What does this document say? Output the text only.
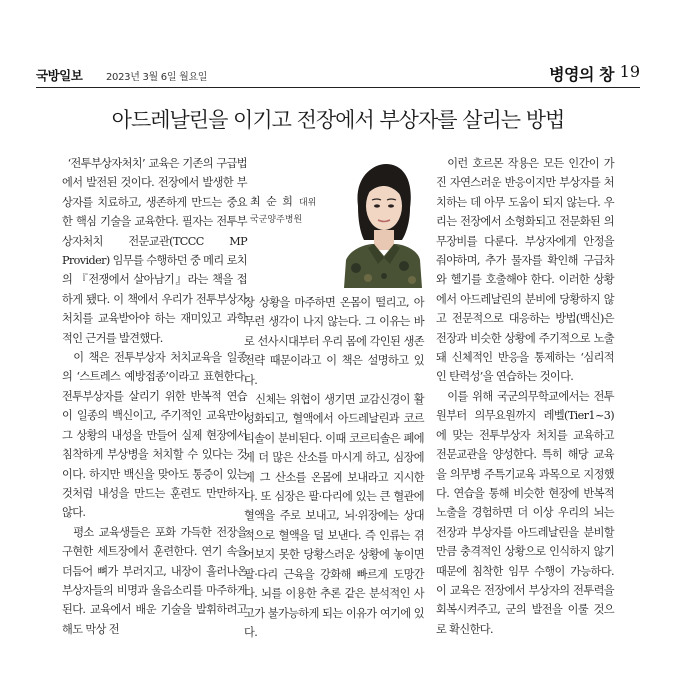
국방일보 2023년 3월 6일 월요일	병영의 창 19
아드레날린을 이기고 전장에서 부상자를 살리는 방법

‘전투부상자처치’ 교육은 기존의 구급법에서 발전된 것이다. 전장에서 발생한 부상자를 치료하고, 생존하게 만드는 중요한 핵심 기술을 교육한다. 필자는 전투부상자처치 전문교관(TCCC MP Provider) 임무를 수행하던 중 메리 로치의 『전쟁에서 살아남기』라는 책을 접하게 됐다. 이 책에서 우리가 전투부상자 처치를 교육받아야 하는 재미있고 과학적인 근거를 발견했다.

이 책은 전투부상자 처치교육을 일종의 ‘스트레스 예방접종’이라고 표현한다. 전투부상자를 살리기 위한 반복적 연습이 일종의 백신이고, 주기적인 교육만이 그 상황의 내성을 만들어 실제 현장에서 침착하게 부상병을 처치할 수 있다는 것이다. 하지만 백신을 맞아도 통증이 있는 것처럼 내성을 만드는 훈련도 만만하지 않다.

평소 교육생들은 포화 가득한 전장을 구현한 세트장에서 훈련한다. 연기 속을 더듬어 뼈가 부러지고, 내장이 흘러나온 부상자들의 비명과 울음소리를 마주하게 된다. 교육에서 배운 기술을 발휘하려고 해도 막상 전

최 순 희 대위
국군양주병원

장 상황을 마주하면 온몸이 떨리고, 아무런 생각이 나지 않는다. 그 이유는 바로 선사시대부터 우리 몸에 각인된 생존전략 때문이라고 이 책은 설명하고 있다.

신체는 위협이 생기면 교감신경이 활성화되고, 혈액에서 아드레날린과 코르티솔이 분비된다. 이때 코르티솔은 폐에게 더 많은 산소를 마시게 하고, 심장에게 그 산소를 온몸에 보내라고 지시한다. 또 심장은 팔·다리에 있는 큰 혈관에 혈액을 주로 보내고, 뇌·위장에는 상대적으로 혈액을 덜 보낸다. 즉 인류는 겪어보지 못한 당황스러운 상황에 놓이면 팔·다리 근육을 강화해 빠르게 도망간다. 뇌를 이용한 추론 같은 분석적인 사고가 불가능하게 되는 이유가 여기에 있다.

이런 호르몬 작용은 모든 인간이 가진 자연스러운 반응이지만 부상자를 처치하는 데 아무 도움이 되지 않는다. 우리는 전장에서 소형화되고 전문화된 의무장비를 다룬다. 부상자에게 안정을 줘야하며, 추가 물자를 확인해 구급차와 헬기를 호출해야 한다. 이러한 상황에서 아드레날린의 분비에 당황하지 않고 전문적으로 대응하는 방법(백신)은 전장과 비슷한 상황에 주기적으로 노출돼 신체적인 반응을 통제하는 ‘심리적인 탄력성’을 연습하는 것이다.

이를 위해 국군의무학교에서는 전투원부터 의무요원까지 레벨(Tier1~3)에 맞는 전투부상자 처치를 교육하고 전문교관을 양성한다. 특히 해당 교육을 의무병 주특기교육 과목으로 지정했다. 연습을 통해 비슷한 현장에 반복적 노출을 경험하면 더 이상 우리의 뇌는 전장과 부상자를 아드레날린을 분비할 만큼 충격적인 상황으로 인식하지 않기 때문에 침착한 임무 수행이 가능하다. 이 교육은 전장에서 부상자의 전투력을 회복시켜주고, 군의 발전을 이룰 것으로 확신한다.
